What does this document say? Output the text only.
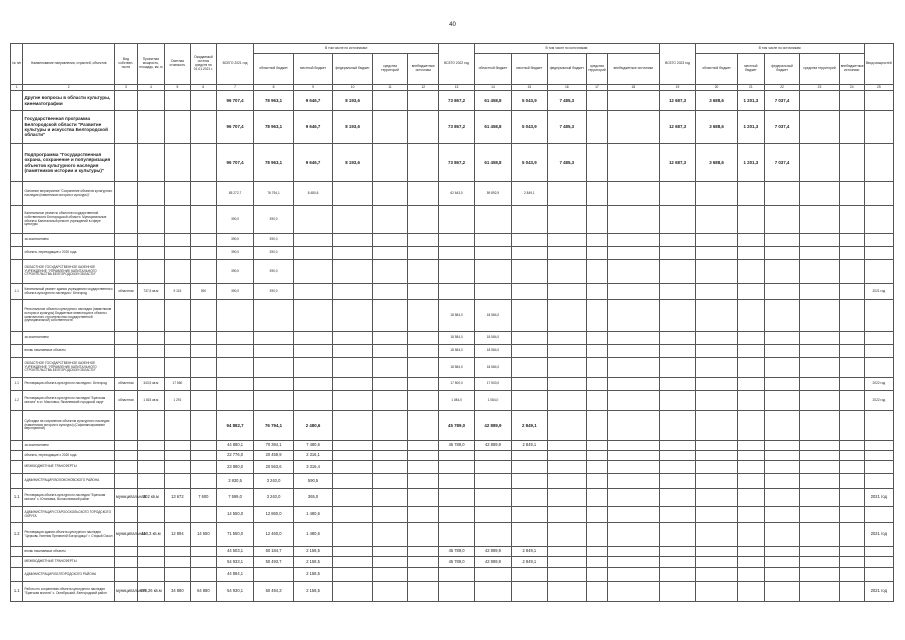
40
№ п/п	Наименование направления, отраслей, объектов	Вид собствен-ности	Проектная мощность, площадь, км, м	Сметная стоимость	Ожидаемый остаток средств на 01.01.2021 г.	ВСЕГО 2021 год	В том числе по источникам:					ВСЕГО 2022 год	В том числе по источникам:					ВСЕГО 2023 год	В том числе по источникам:					Ввод мощностей
							областной бюджет	местный бюджет	федеральный бюджет	средства территорий	внебюджетные источники		областной бюджет	местный бюджет	федеральный бюджет	средства территорий	внебюджетные источники		областной бюджет	местный бюджет	федеральный бюджет	средства территорий	внебюджетные источники	
1	2	3	4	5	6	7	8	9	10	11	12	13	14	15	16	17	18	19	20	21	22	23	24	25
	Другие вопросы в области культуры, кинематографии					96 707,4	78 963,1	9 646,7	8 193,6			73 867,2	61 458,8	5 043,9	7 485,3			12 687,3	3 688,6	1 201,3	7 037,4			
	Государственная программа Белгородской области "Развитие культуры и искусства Белгородской области"					96 707,4	78 963,1	9 646,7	8 193,6			73 867,2	61 458,8	5 043,9	7 485,3			12 687,3	3 688,6	1 201,3	7 037,4			
	Подпрограмма "Государственная охрана, сохранение и популяризация объектов культурного наследия (памятников истории и культуры)"					96 707,4	78 963,1	9 646,7	8 193,6			73 867,2	61 458,8	5 043,9	7 485,3			12 687,3	3 688,6	1 201,3	7 037,4			
	Основное мероприятие "Сохранение объектов культурного наследия (памятников истории и культуры)"					85 272,7	76 794,1	8 480,6				62 643,0	59 892,9	2 849,1										
	Капитальные ремонты объектов государственной собственности Белгородской области. Муниципальные объекты Капитальный ремонт учреждений в сфере культуры					390,0	390,0																	
	за исключением					390,0	390,0																	
	объекты, переходящие с 2020 года					390,0	390,0																	
	ОБЛАСТНОЕ ГОСУДАРСТВЕННОЕ КАЗЕННОЕ УЧРЕЖДЕНИЕ "УПРАВЛЕНИЕ КАПИТАЛЬНОГО СТРОИТЕЛЬСТВА БЕЛГОРОДСКОЙ ОБЛАСТИ"					390,0	390,0																	
1.1	Капитальный ремонт здания учреждения государственного объекта культурного наследия г. Белгород	областная	737,5 кв.м	9 115	390	390,0	390,0																	2021 год
	Региональное объекты культурного наследия (памятников истории и культуры) Бюджетные инвестиции в объекты капитального строительства государственной (муниципальной) собственности											18 584,0	18 584,0											
	за исключением											18 584,0	18 584,0											
	вновь начинаемые объекты											18 584,0	18 584,0											
	ОБЛАСТНОЕ ГОСУДАРСТВЕННОЕ КАЗЕННОЕ УЧРЕЖДЕНИЕ "УПРАВЛЕНИЕ КАПИТАЛЬНОГО СТРОИТЕЛЬСТВА БЕЛГОРОДСКОЙ ОБЛАСТИ"											18 584,0	18 584,0											
1.1	Реставрация объекта культурного наследия г. Белгород	областная	343,5 кв.м	17 560								17 500,0	17 500,0											2022 год
1.2	Реставрация объекта культурного наследия "Братская могила" в ст. Масловка, Яковлевский городской округ	областная	1 815 кв.м	1 291								1 084,0	1 084,0											2022 год
	Субсидии на сохранение объектов культурного наследия (памятников истории и культуры) (Софинансирование мероприятий)					94 882,7	76 794,1	2 480,6				45 789,0	42 889,9	2 849,1										
	за исключением					44 880,1	70 394,1	7 480,6				45 789,0	42 889,9	2 849,1										
	объекты, переходящие с 2020 года					22 776,0	20 459,9	2 316,1																
	МЕЖБЮДЖЕТНЫЕ ТРАНСФЕРТЫ					23 880,0	20 563,6	3 316,4																
	АДМИНИСТРАЦИЯ ВОЛОКОНОВСКОГО РАЙОНА					3 830,5	3 240,0	590,5																
1.1	Реставрация объекта культурного наследия "Братская могила" с. Ютановка, Волоконовский район	муниципальная	302 кв.м	13 672	7 600	7 599,0	3 240,0	365,0																2021 год
	АДМИНИСТРАЦИЯ СТАРООСКОЛЬСКОГО ГОРОДСКОГО ОКРУГА					14 550,0	12 860,0	1 480,6																
1.2	Реставрация здания объекта культурного наследия "Церковь Успения Пресвятой Богородицы" г. Старый Оскол	муниципальная	410,3 кв.м	12 894	14 550	71 550,0	12 460,0	1 480,6																2021 год
	вновь начинаемые объекты					44 503,1	50 184,7	2 158,5				45 789,0	42 889,9	2 849,1										
	МЕЖБЮДЖЕТНЫЕ ТРАНСФЕРТЫ					54 933,1	50 493,7	2 158,5				45 789,0	42 889,9	2 849,1										
	АДМИНИСТРАЦИЯ БЕЛГОРОДСКОГО РАЙОНА					44 884,1		2 158,5																
1.1	Работы по сохранению объекта культурного наследия "Братская могила" с. Октябрьский, Белгородский район	муниципальная	678,26 кв.м	34 880	64 880	54 930,1	50 494,3	2 158,5																2021 год
